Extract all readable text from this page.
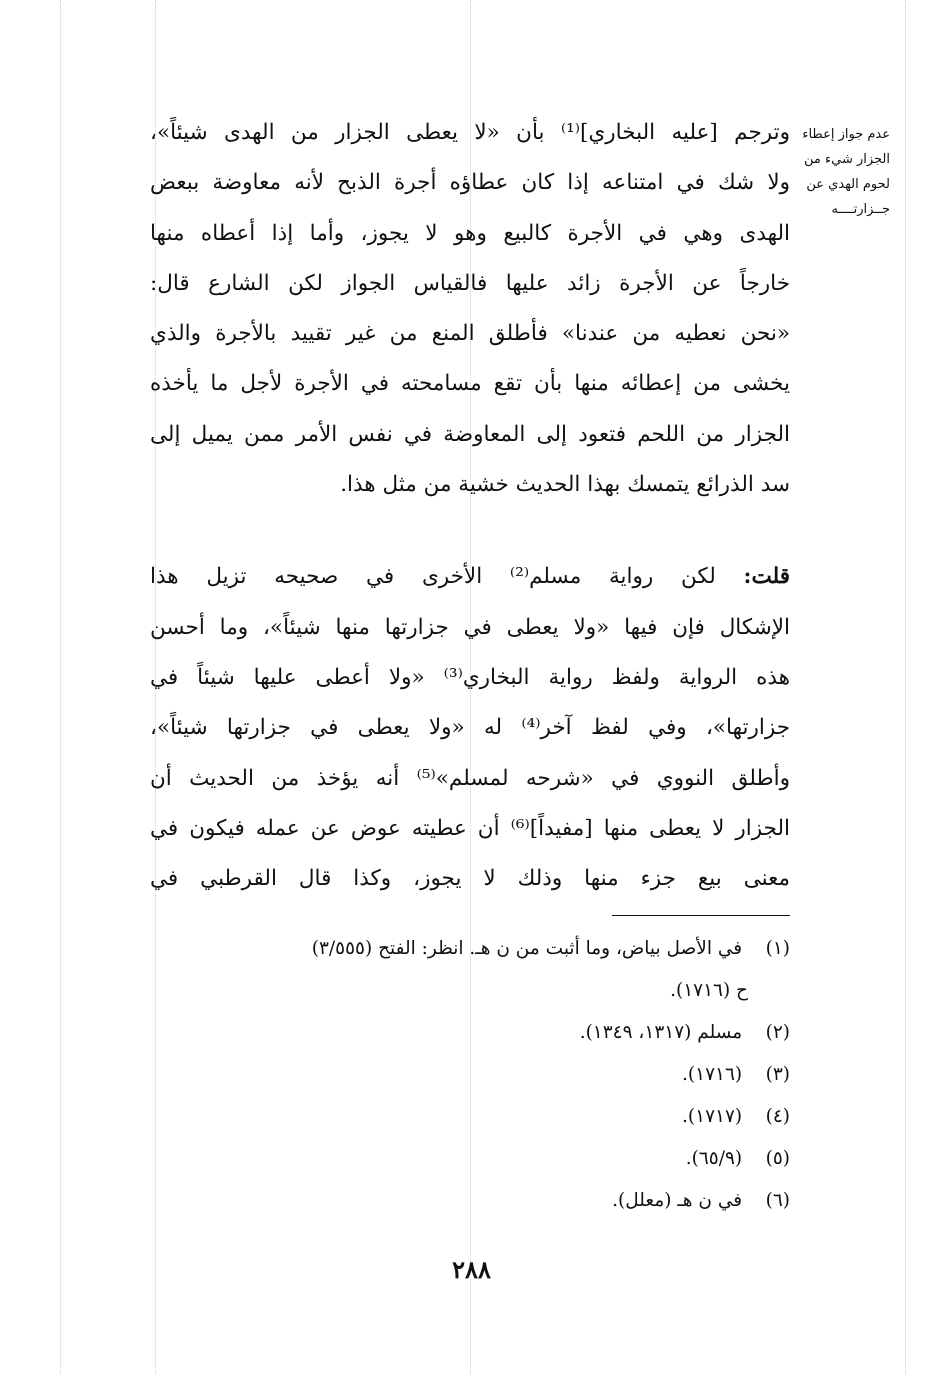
عدم جواز إعطاء
الجزار شيء من
لحوم الهدي عن
جــزارتــــه
وترجم [عليه البخاري]⁽¹⁾ بأن «لا يعطى الجزار من الهدى شيئاً»،
ولا شك في امتناعه إذا كان عطاؤه أجرة الذبح لأنه معاوضة ببعض
الهدى وهي في الأجرة كالبيع وهو لا يجوز، وأما إذا أعطاه منها
خارجاً عن الأجرة زائد عليها فالقياس الجواز لكن الشارع قال:
«نحن نعطيه من عندنا» فأطلق المنع من غير تقييد بالأجرة والذي
يخشى من إعطائه منها بأن تقع مسامحته في الأجرة لأجل ما يأخذه
الجزار من اللحم فتعود إلى المعاوضة في نفس الأمر ممن يميل إلى
سد الذرائع يتمسك بهذا الحديث خشية من مثل هذا.
قلت: لكن رواية مسلم⁽²⁾ الأخرى في صحيحه تزيل هذا
الإشكال فإن فيها «ولا يعطى في جزارتها منها شيئاً»، وما أحسن
هذه الرواية ولفظ رواية البخاري⁽³⁾ «ولا أعطى عليها شيئاً في
جزارتها»، وفي لفظ آخر⁽⁴⁾ له «ولا يعطى في جزارتها شيئاً»،
وأطلق النووي في «شرحه لمسلم»⁽⁵⁾ أنه يؤخذ من الحديث أن
الجزار لا يعطى منها [مفيداً]⁽⁶⁾ أن عطيته عوض عن عمله فيكون في
معنى بيع جزء منها وذلك لا يجوز، وكذا قال القرطبي في
(١) في الأصل بياض، وما أثبت من ن هـ. انظر: الفتح (٣/٥٥٥)
ح (١٧١٦).
(٢) مسلم (١٣١٧، ١٣٤٩).
(٣) (١٧١٦).
(٤) (١٧١٧).
(٥) (٦٥/٩).
(٦) في ن هـ (معلل).
٢٨٨
